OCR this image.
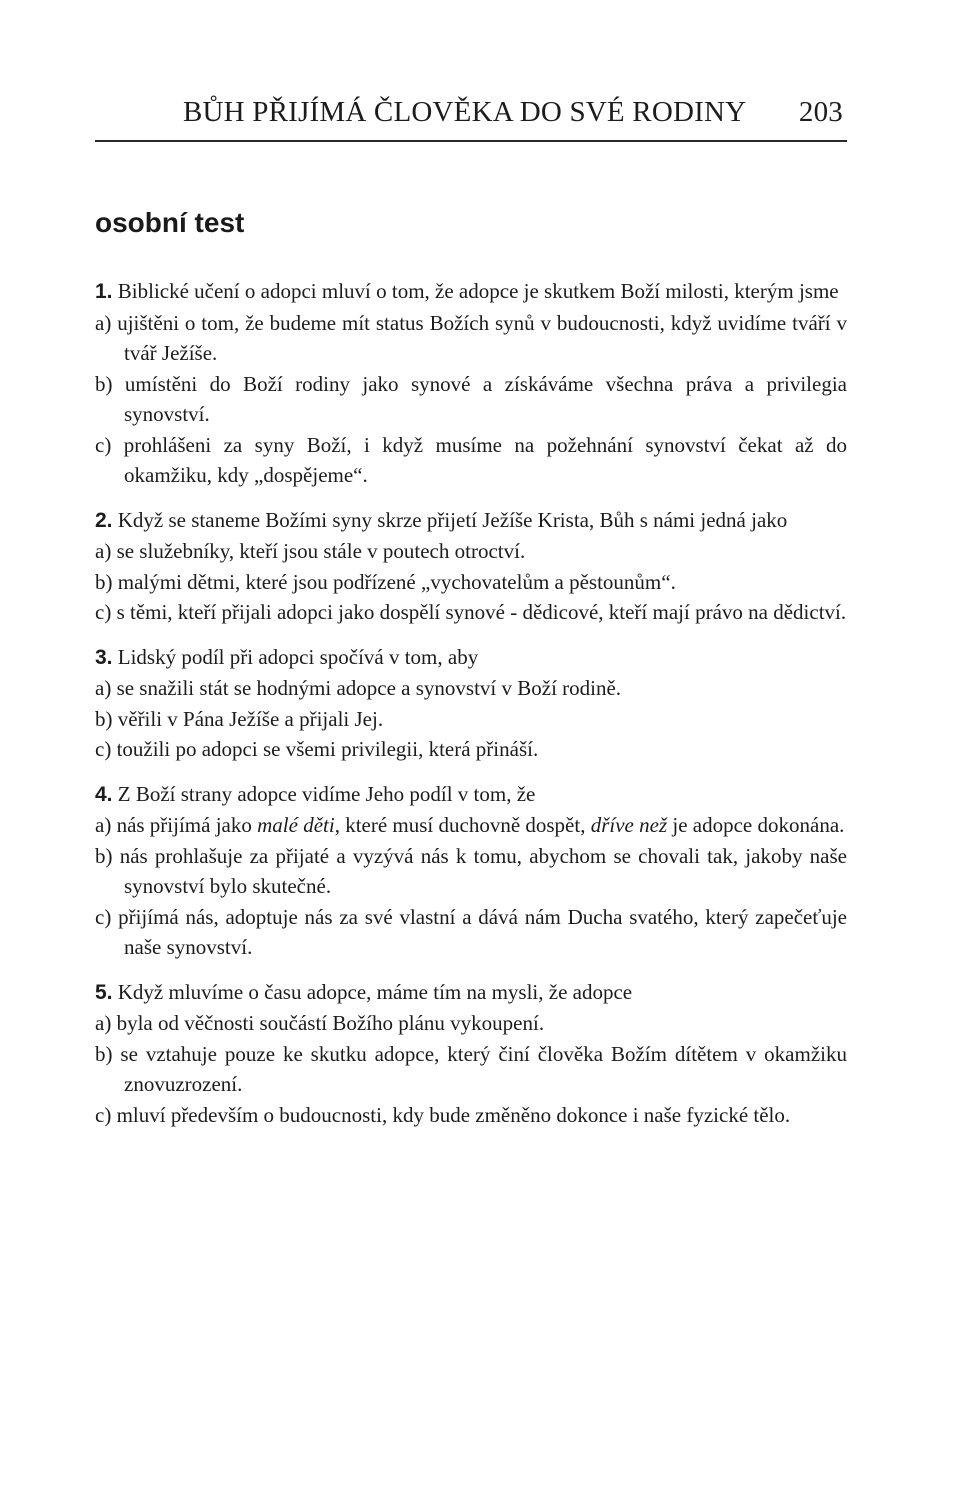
BŮH PŘIJÍMÁ ČLOVĚKA DO SVÉ RODINY 203
osobní test
1. Biblické učení o adopci mluví o tom, že adopce je skutkem Boží milosti, kterým jsme
a) ujištěni o tom, že budeme mít status Božích synů v budoucnosti, když uvidíme tváří v tvář Ježíše.
b) umístěni do Boží rodiny jako synové a získáváme všechna práva a privilegia synovství.
c) prohlášeni za syny Boží, i když musíme na požehnání synovství čekat až do okamžiku, kdy „dospějeme“.
2. Když se staneme Božími syny skrze přijetí Ježíše Krista, Bůh s námi jedná jako
a) se služebníky, kteří jsou stále v poutech otroctví.
b) malými dětmi, které jsou podřízené „vychovatelům a pěstounům“.
c) s těmi, kteří přijali adopci jako dospělí synové - dědicové, kteří mají právo na dědictví.
3. Lidský podíl při adopci spočívá v tom, aby
a) se snažili stát se hodnými adopce a synovství v Boží rodině.
b) věřili v Pána Ježíše a přijali Jej.
c) toužili po adopci se všemi privilegii, která přináší.
4. Z Boží strany adopce vidíme Jeho podíl v tom, že
a) nás přijímá jako malé děti, které musí duchovně dospět, dříve než je adopce dokonána.
b) nás prohlašuje za přijaté a vyzývá nás k tomu, abychom se chovali tak, jakoby naše synovství bylo skutečné.
c) přijímá nás, adoptuje nás za své vlastní a dává nám Ducha svatého, který zapečeťuje naše synovství.
5. Když mluvíme o času adopce, máme tím na mysli, že adopce
a) byla od věčnosti součástí Božího plánu vykoupení.
b) se vztahuje pouze ke skutku adopce, který činí člověka Božím dítětem v okamžiku znovuzrození.
c) mluví především o budoucnosti, kdy bude změněno dokonce i naše fyzické tělo.
